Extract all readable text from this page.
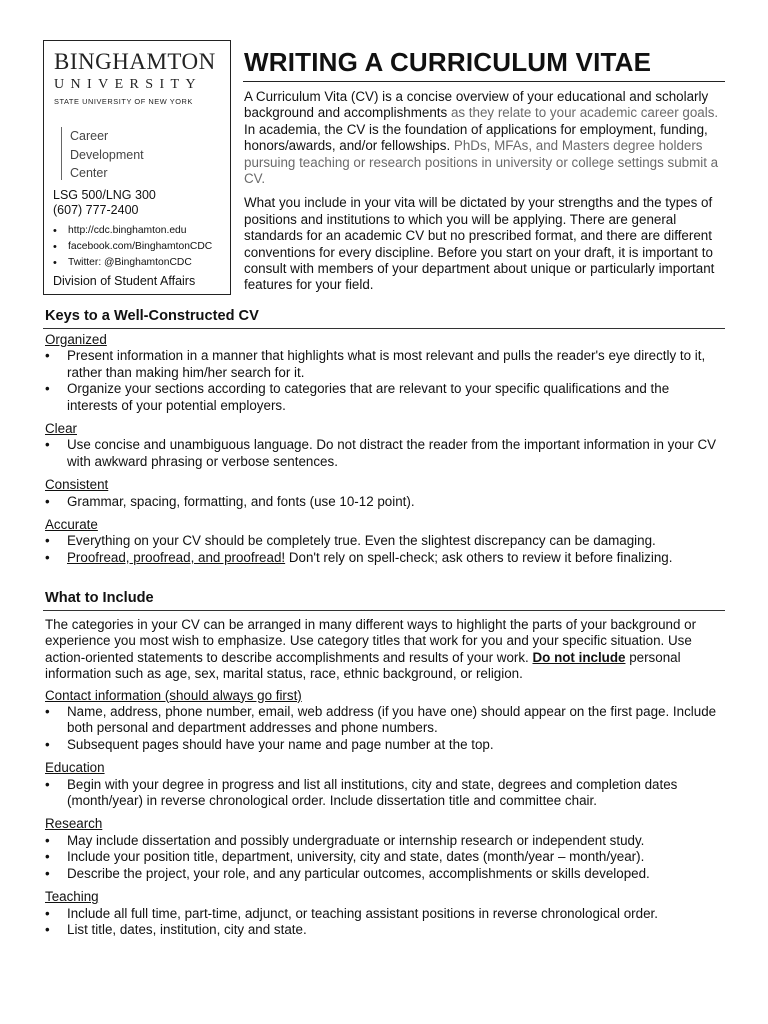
BINGHAMTON
UNIVERSITY
STATE UNIVERSITY OF NEW YORK
Career
Development
Center
LSG 500/LNG 300
(607) 777-2400
• http://cdc.binghamton.edu
• facebook.com/BinghamtonCDC
• Twitter: @BinghamtonCDC
Division of Student Affairs
WRITING A CURRICULUM VITAE

A Curriculum Vita (CV) is a concise overview of your educational and scholarly background and accomplishments as they relate to your academic career goals. In academia, the CV is the foundation of applications for employment, funding, honors/awards, and/or fellowships. PhDs, MFAs, and Masters degree holders pursuing teaching or research positions in university or college settings submit a CV.

What you include in your vita will be dictated by your strengths and the types of positions and institutions to which you will be applying. There are general standards for an academic CV but no prescribed format, and there are different conventions for every discipline. Before you start on your draft, it is important to consult with members of your department about unique or particularly important features for your field.

Keys to a Well-Constructed CV
Organized
• Present information in a manner that highlights what is most relevant and pulls the reader's eye directly to it, rather than making him/her search for it.
• Organize your sections according to categories that are relevant to your specific qualifications and the interests of your potential employers.
Clear
• Use concise and unambiguous language. Do not distract the reader from the important information in your CV with awkward phrasing or verbose sentences.
Consistent
• Grammar, spacing, formatting, and fonts (use 10-12 point).
Accurate
• Everything on your CV should be completely true. Even the slightest discrepancy can be damaging.
• Proofread, proofread, and proofread! Don't rely on spell-check; ask others to review it before finalizing.
What to Include
The categories in your CV can be arranged in many different ways to highlight the parts of your background or experience you most wish to emphasize. Use category titles that work for you and your specific situation. Use action-oriented statements to describe accomplishments and results of your work. Do not include personal information such as age, sex, marital status, race, ethnic background, or religion.
Contact information (should always go first)
• Name, address, phone number, email, web address (if you have one) should appear on the first page. Include both personal and department addresses and phone numbers.
• Subsequent pages should have your name and page number at the top.
Education
• Begin with your degree in progress and list all institutions, city and state, degrees and completion dates (month/year) in reverse chronological order. Include dissertation title and committee chair.
Research
• May include dissertation and possibly undergraduate or internship research or independent study.
• Include your position title, department, university, city and state, dates (month/year – month/year).
• Describe the project, your role, and any particular outcomes, accomplishments or skills developed.
Teaching
• Include all full time, part-time, adjunct, or teaching assistant positions in reverse chronological order.
• List title, dates, institution, city and state.
